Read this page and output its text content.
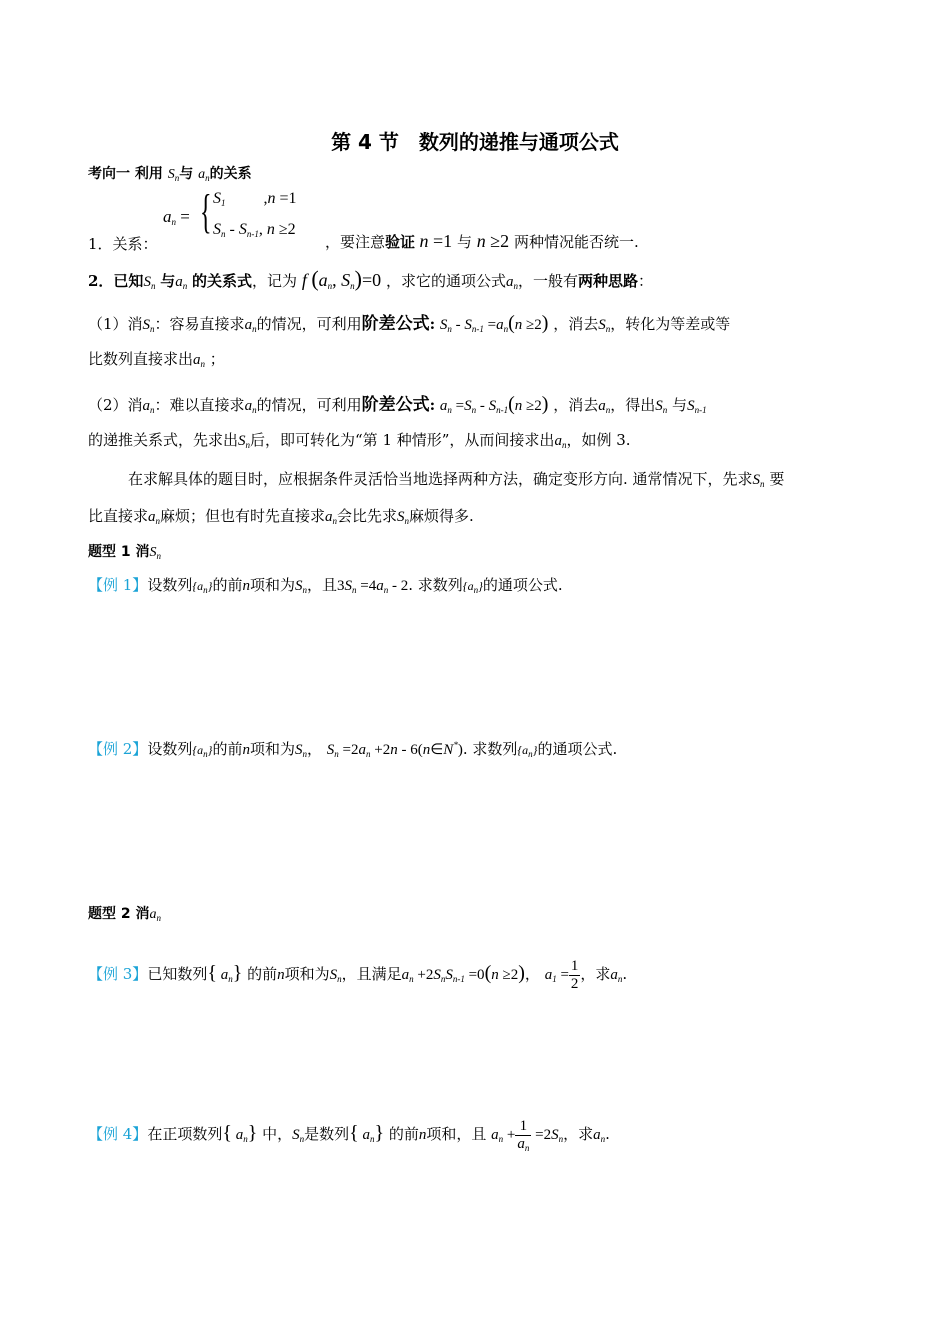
第 4 节　数列的递推与通项公式
考向一 利用 $S_n$与 $a_n$的关系
$a_n$ = { $S_1$ ,n =1
$S_n - S_{n-1}$, n ≥2
1．关系：	，要注意验证 n =1 与 n ≥2 两种情况能否统一.
2．已知$S_n$ 与$a_n$ 的关系式，记为 f ($a_n$, $S_n)=0$ ，求它的通项公式$a_n$，一般有两种思路：
（1）消$S_n$：容易直接求$a_n$的情况，可利用阶差公式: $S_n - S_{n-1} =a_n(n \ge 2)$ ，消去$S_n$，转化为等差或等
比数列直接求出$a_n$ ；
（2）消$a_n$：难以直接求$a_n$的情况，可利用阶差公式: $a_n =S_n - S_{n-1}(n \ge 2)$ ，消去$a_n$，得出$S_n$ 与$S_{n-1}$
的递推关系式，先求出$S_n$后，即可转化为“第 1 种情形”，从而间接求出$a_n$，如例 3.
在求解具体的题目时，应根据条件灵活恰当地选择两种方法，确定变形方向. 通常情况下，先求$S_n$ 要
比直接求$a_n$麻烦；但也有时先直接求$a_n$会比先求$S_n$麻烦得多.
题型 1 消$S_n$
【例 1】设数列$\{a_n\}$的前n项和为$S_n$，且$3S_n =4a_n - 2$. 求数列$\{a_n\}$的通项公式.
【例 2】设数列$\{a_n\}$的前n项和为$S_n$， $S_n =2a_n +2n$ - 6(n∈N*). 求数列$\{a_n\}$的通项公式.
题型 2 消$a_n$
【例 3】已知数列{ $a_n$} 的前n项和为$S_n$，且满足$a_n +2S_nS_{n-1} =0(n \ge 2)$， $a_1 = \frac{1}{2}$ ，求$a_n$.
【例 4】在正项数列{ $a_n$} 中，$S_n$是数列{ $a_n$} 的前n项和，且 $a_n + \frac{1}{a_n} =2S_n$，求$a_n$.
